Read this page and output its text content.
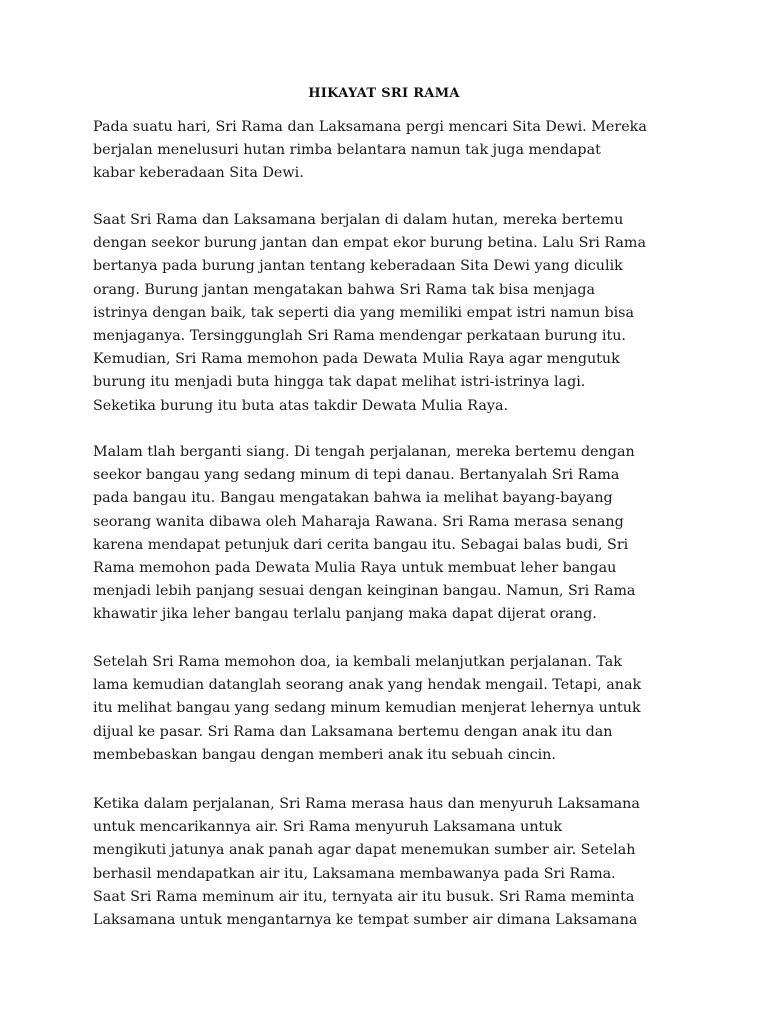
HIKAYAT SRI RAMA

Pada suatu hari, Sri Rama dan Laksamana pergi mencari Sita Dewi. Mereka
berjalan menelusuri hutan rimba belantara namun tak juga mendapat
kabar keberadaan Sita Dewi.

Saat Sri Rama dan Laksamana berjalan di dalam hutan, mereka bertemu
dengan seekor burung jantan dan empat ekor burung betina. Lalu Sri Rama
bertanya pada burung jantan tentang keberadaan Sita Dewi yang diculik
orang. Burung jantan mengatakan bahwa Sri Rama tak bisa menjaga
istrinya dengan baik, tak seperti dia yang memiliki empat istri namun bisa
menjaganya. Tersinggunglah Sri Rama mendengar perkataan burung itu.
Kemudian, Sri Rama memohon pada Dewata Mulia Raya agar mengutuk
burung itu menjadi buta hingga tak dapat melihat istri-istrinya lagi.
Seketika burung itu buta atas takdir Dewata Mulia Raya.

Malam tlah berganti siang. Di tengah perjalanan, mereka bertemu dengan
seekor bangau yang sedang minum di tepi danau. Bertanyalah Sri Rama
pada bangau itu. Bangau mengatakan bahwa ia melihat bayang-bayang
seorang wanita dibawa oleh Maharaja Rawana. Sri Rama merasa senang
karena mendapat petunjuk dari cerita bangau itu. Sebagai balas budi, Sri
Rama memohon pada Dewata Mulia Raya untuk membuat leher bangau
menjadi lebih panjang sesuai dengan keinginan bangau. Namun, Sri Rama
khawatir jika leher bangau terlalu panjang maka dapat dijerat orang.

Setelah Sri Rama memohon doa, ia kembali melanjutkan perjalanan. Tak
lama kemudian datanglah seorang anak yang hendak mengail. Tetapi, anak
itu melihat bangau yang sedang minum kemudian menjerat lehernya untuk
dijual ke pasar. Sri Rama dan Laksamana bertemu dengan anak itu dan
membebaskan bangau dengan memberi anak itu sebuah cincin.

Ketika dalam perjalanan, Sri Rama merasa haus dan menyuruh Laksamana
untuk mencarikannya air. Sri Rama menyuruh Laksamana untuk
mengikuti jatunya anak panah agar dapat menemukan sumber air. Setelah
berhasil mendapatkan air itu, Laksamana membawanya pada Sri Rama.
Saat Sri Rama meminum air itu, ternyata air itu busuk. Sri Rama meminta
Laksamana untuk mengantarnya ke tempat sumber air dimana Laksamana
